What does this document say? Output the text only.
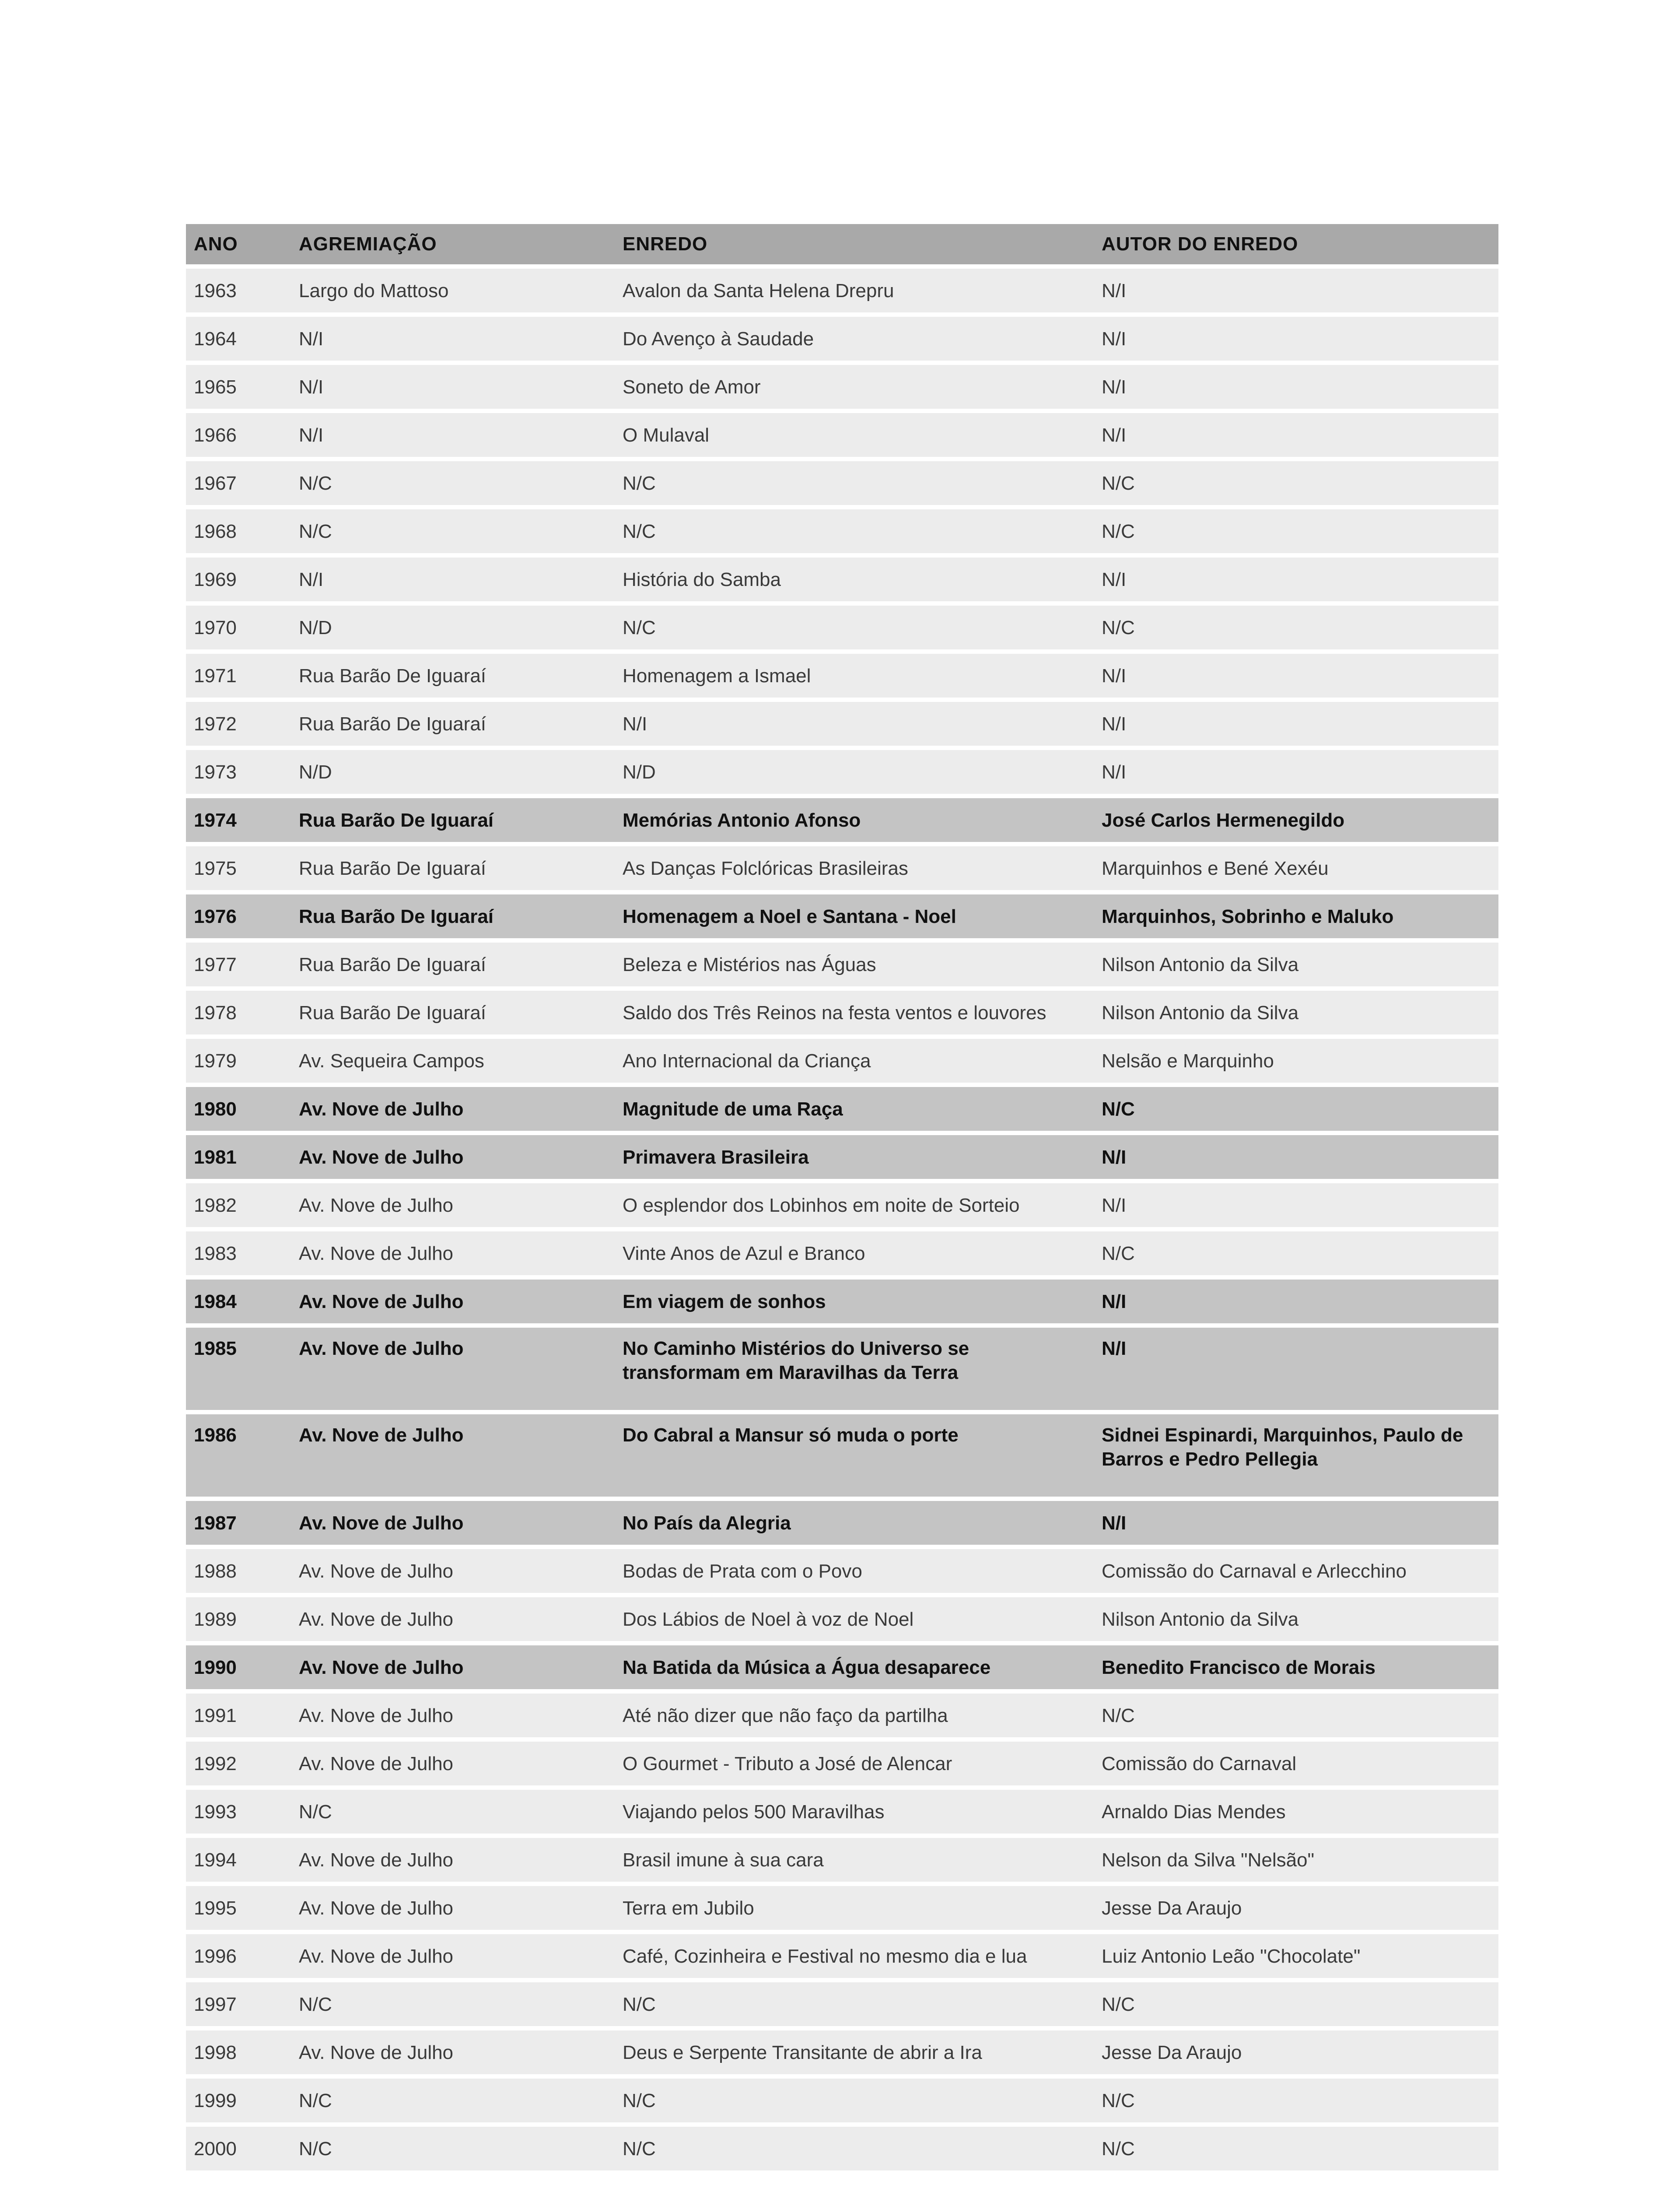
ANO	AGREMIAÇÃO	ENREDO	AUTOR DO ENREDO
1963	Largo do Mattoso	Avalon da Santa Helena Drepru	N/I
1964	N/I	Do Avenço à Saudade	N/I
1965	N/I	Soneto de Amor	N/I
1966	N/I	O Mulaval	N/I
1967	N/C	N/C	N/C
1968	N/C	N/C	N/C
1969	N/I	História do Samba	N/I
1970	N/D	N/C	N/C
1971	Rua Barão De Iguaraí	Homenagem a Ismael	N/I
1972	Rua Barão De Iguaraí	N/I	N/I
1973	N/D	N/D	N/I
1974	Rua Barão De Iguaraí	Memórias Antonio Afonso	José Carlos Hermenegildo
1975	Rua Barão De Iguaraí	As Danças Folclóricas Brasileiras	Marquinhos e Bené Xexéu
1976	Rua Barão De Iguaraí	Homenagem a Noel e Santana - Noel	Marquinhos, Sobrinho e Maluko
1977	Rua Barão De Iguaraí	Beleza e Mistérios nas Águas	Nilson Antonio da Silva
1978	Rua Barão De Iguaraí	Saldo dos Três Reinos na festa ventos e louvores	Nilson Antonio da Silva
1979	Av. Sequeira Campos	Ano Internacional da Criança	Nelsão e Marquinho
1980	Av. Nove de Julho	Magnitude de uma Raça	N/C
1981	Av. Nove de Julho	Primavera Brasileira	N/I
1982	Av. Nove de Julho	O esplendor dos Lobinhos em noite de Sorteio	N/I
1983	Av. Nove de Julho	Vinte Anos de Azul e Branco	N/C
1984	Av. Nove de Julho	Em viagem de sonhos	N/I
1985	Av. Nove de Julho	No Caminho Mistérios do Universo se transformam em Maravilhas da Terra	N/I
1986	Av. Nove de Julho	Do Cabral a Mansur só muda o porte	Sidnei Espinardi, Marquinhos, Paulo de Barros e Pedro Pellegia
1987	Av. Nove de Julho	No País da Alegria	N/I
1988	Av. Nove de Julho	Bodas de Prata com o Povo	Comissão do Carnaval e Arlecchino
1989	Av. Nove de Julho	Dos Lábios de Noel à voz de Noel	Nilson Antonio da Silva
1990	Av. Nove de Julho	Na Batida da Música a Água desaparece	Benedito Francisco de Morais
1991	Av. Nove de Julho	Até não dizer que não faço da partilha	N/C
1992	Av. Nove de Julho	O Gourmet - Tributo a José de Alencar	Comissão do Carnaval
1993	N/C	Viajando pelos 500 Maravilhas	Arnaldo Dias Mendes
1994	Av. Nove de Julho	Brasil imune à sua cara	Nelson da Silva "Nelsão"
1995	Av. Nove de Julho	Terra em Jubilo	Jesse Da Araujo
1996	Av. Nove de Julho	Café, Cozinheira e Festival no mesmo dia e lua	Luiz Antonio Leão "Chocolate"
1997	N/C	N/C	N/C
1998	Av. Nove de Julho	Deus e Serpente Transitante de abrir a Ira	Jesse Da Araujo
1999	N/C	N/C	N/C
2000	N/C	N/C	N/C
